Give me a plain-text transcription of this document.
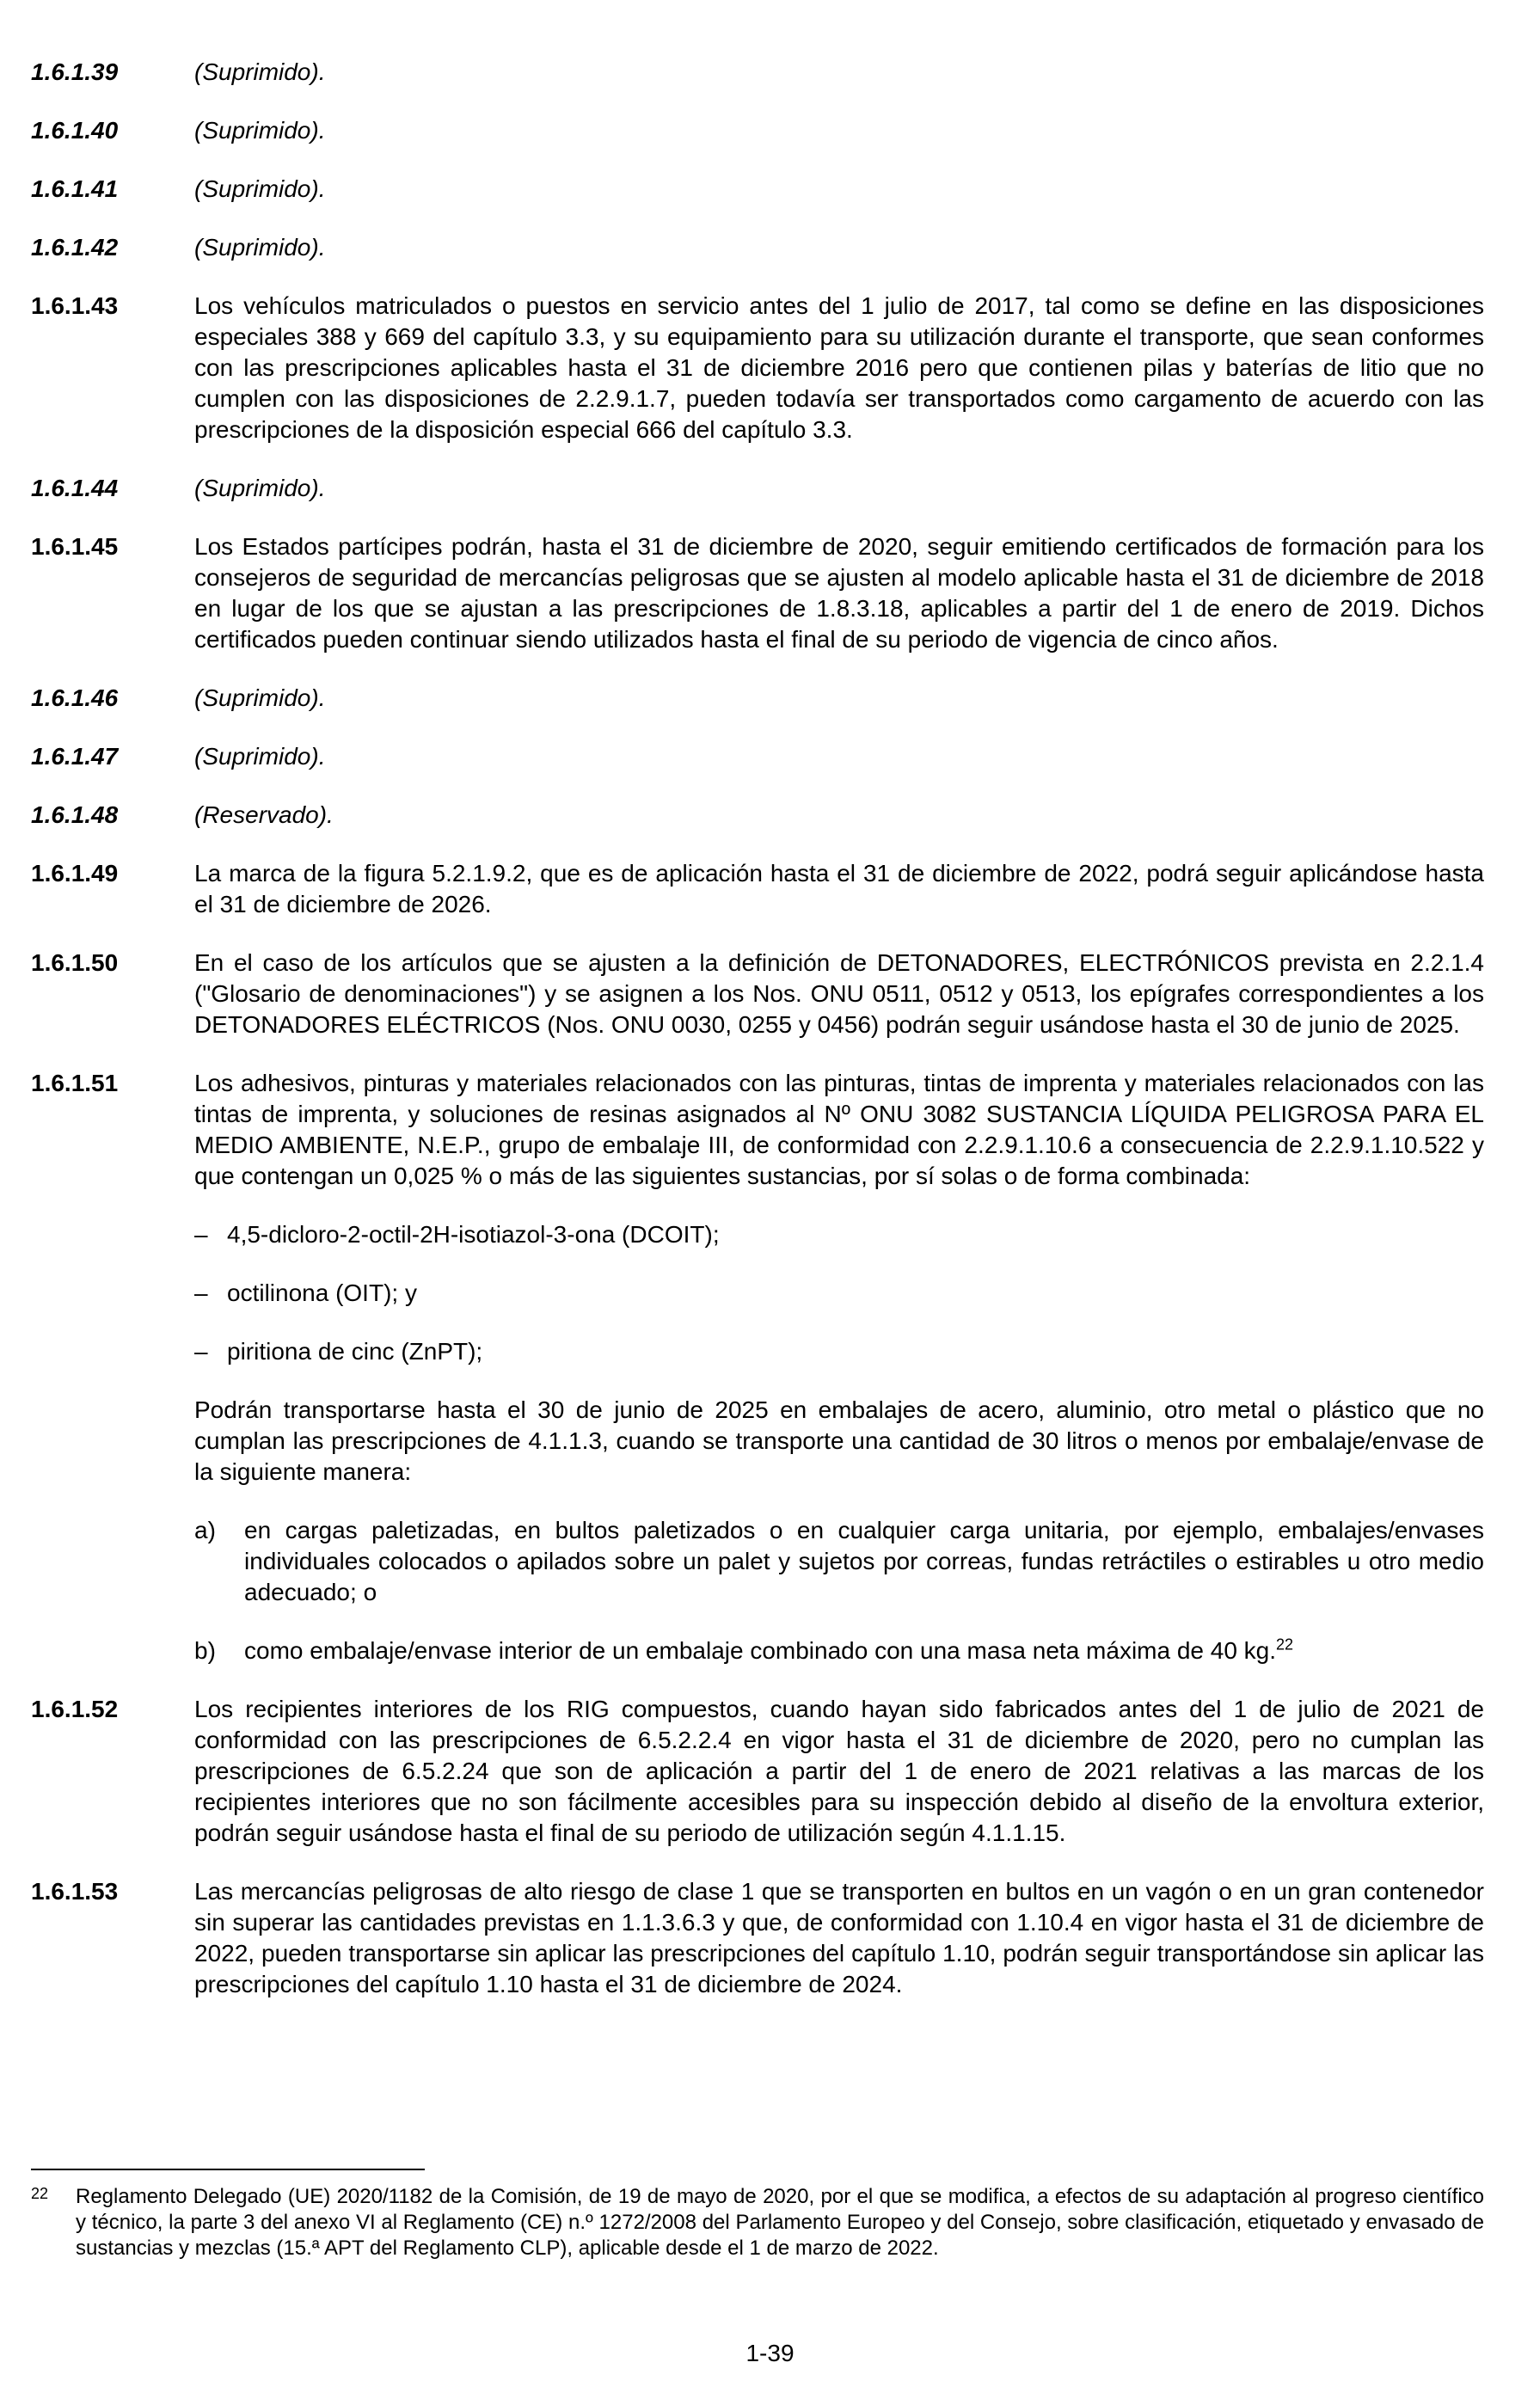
1.6.1.39	(Suprimido).

1.6.1.40	(Suprimido).

1.6.1.41	(Suprimido).

1.6.1.42	(Suprimido).

1.6.1.43	Los vehículos matriculados o puestos en servicio antes del 1 julio de 2017, tal como se define en las disposiciones especiales 388 y 669 del capítulo 3.3, y su equipamiento para su utilización durante el transporte, que sean conformes con las prescripciones aplicables hasta el 31 de diciembre 2016 pero que contienen pilas y baterías de litio que no cumplen con las disposiciones de 2.2.9.1.7, pueden todavía ser transportados como cargamento de acuerdo con las prescripciones de la disposición especial 666 del capítulo 3.3.

1.6.1.44	(Suprimido).

1.6.1.45	Los Estados partícipes podrán, hasta el 31 de diciembre de 2020, seguir emitiendo certificados de formación para los consejeros de seguridad de mercancías peligrosas que se ajusten al modelo aplicable hasta el 31 de diciembre de 2018 en lugar de los que se ajustan a las prescripciones de 1.8.3.18, aplicables a partir del 1 de enero de 2019. Dichos certificados pueden continuar siendo utilizados hasta el final de su periodo de vigencia de cinco años.

1.6.1.46	(Suprimido).

1.6.1.47	(Suprimido).

1.6.1.48	(Reservado).

1.6.1.49	La marca de la figura 5.2.1.9.2, que es de aplicación hasta el 31 de diciembre de 2022, podrá seguir aplicándose hasta el 31 de diciembre de 2026.

1.6.1.50	En el caso de los artículos que se ajusten a la definición de DETONADORES, ELECTRÓNICOS prevista en 2.2.1.4 ("Glosario de denominaciones") y se asignen a los Nos. ONU 0511, 0512 y 0513, los epígrafes correspondientes a los DETONADORES ELÉCTRICOS (Nos. ONU 0030, 0255 y 0456) podrán seguir usándose hasta el 30 de junio de 2025.

1.6.1.51	Los adhesivos, pinturas y materiales relacionados con las pinturas, tintas de imprenta y materiales relacionados con las tintas de imprenta, y soluciones de resinas asignados al Nº ONU 3082 SUSTANCIA LÍQUIDA PELIGROSA PARA EL MEDIO AMBIENTE, N.E.P., grupo de embalaje III, de conformidad con 2.2.9.1.10.6 a consecuencia de 2.2.9.1.10.522 y que contengan un 0,025 % o más de las siguientes sustancias, por sí solas o de forma combinada:

– 4,5-dicloro-2-octil-2H-isotiazol-3-ona (DCOIT);
– octilinona (OIT); y
– piritiona de cinc (ZnPT);

Podrán transportarse hasta el 30 de junio de 2025 en embalajes de acero, aluminio, otro metal o plástico que no cumplan las prescripciones de 4.1.1.3, cuando se transporte una cantidad de 30 litros o menos por embalaje/envase de la siguiente manera:

a)	en cargas paletizadas, en bultos paletizados o en cualquier carga unitaria, por ejemplo, embalajes/envases individuales colocados o apilados sobre un palet y sujetos por correas, fundas retráctiles o estirables u otro medio adecuado; o
b)	como embalaje/envase interior de un embalaje combinado con una masa neta máxima de 40 kg.$^{22}$
1.6.1.52	Los recipientes interiores de los RIG compuestos, cuando hayan sido fabricados antes del 1 de julio de 2021 de conformidad con las prescripciones de 6.5.2.2.4 en vigor hasta el 31 de diciembre de 2020, pero no cumplan las prescripciones de 6.5.2.24 que son de aplicación a partir del 1 de enero de 2021 relativas a las marcas de los recipientes interiores que no son fácilmente accesibles para su inspección debido al diseño de la envoltura exterior, podrán seguir usándose hasta el final de su periodo de utilización según 4.1.1.15.

1.6.1.53	Las mercancías peligrosas de alto riesgo de clase 1 que se transporten en bultos en un vagón o en un gran contenedor sin superar las cantidades previstas en 1.1.3.6.3 y que, de conformidad con 1.10.4 en vigor hasta el 31 de diciembre de 2022, pueden transportarse sin aplicar las prescripciones del capítulo 1.10, podrán seguir transportándose sin aplicar las prescripciones del capítulo 1.10 hasta el 31 de diciembre de 2024.

22	Reglamento Delegado (UE) 2020/1182 de la Comisión, de 19 de mayo de 2020, por el que se modifica, a efectos de su adaptación al progreso científico y técnico, la parte 3 del anexo VI al Reglamento (CE) n.º 1272/2008 del Parlamento Europeo y del Consejo, sobre clasificación, etiquetado y envasado de sustancias y mezclas (15.ª APT del Reglamento CLP), aplicable desde el 1 de marzo de 2022.
1-39
